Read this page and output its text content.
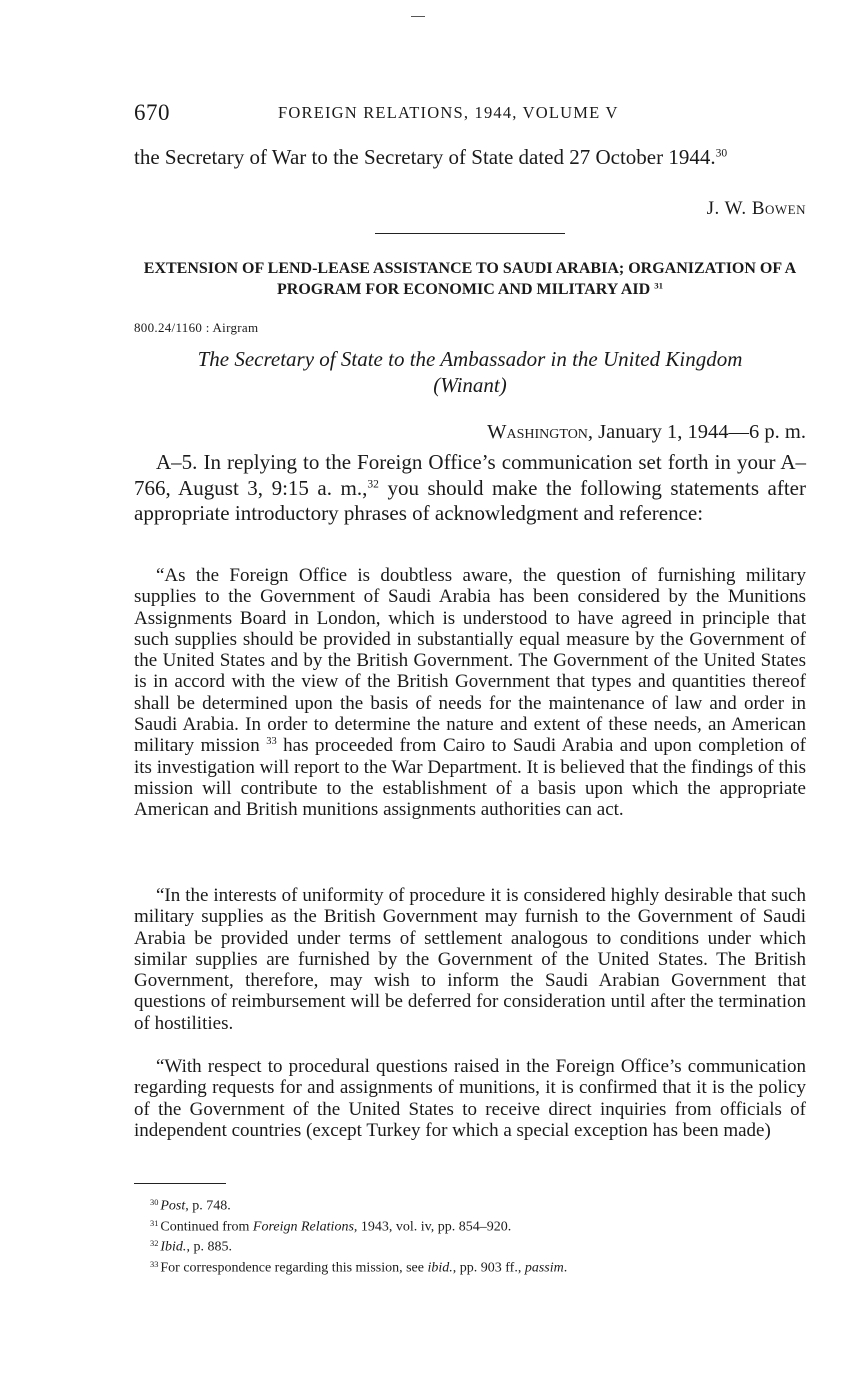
670	FOREIGN RELATIONS, 1944, VOLUME V

the Secretary of War to the Secretary of State dated 27 October 1944.30

J. W. Bowen
EXTENSION OF LEND-LEASE ASSISTANCE TO SAUDI ARABIA; ORGANIZATION OF A PROGRAM FOR ECONOMIC AND MILITARY AID $^{31}$
800.24/1160 : Airgram

The Secretary of State to the Ambassador in the United Kingdom
(Winant)

Washington, January 1, 1944—6 p. m.

A–5. In replying to the Foreign Office’s communication set forth in your A–766, August 3, 9:15 a. m.,$^{32}$ you should make the following statements after appropriate introductory phrases of acknowledgment and reference:

“As the Foreign Office is doubtless aware, the question of furnishing military supplies to the Government of Saudi Arabia has been considered by the Munitions Assignments Board in London, which is understood to have agreed in principle that such supplies should be provided in substantially equal measure by the Government of the United States and by the British Government. The Government of the United States is in accord with the view of the British Government that types and quantities thereof shall be determined upon the basis of needs for the maintenance of law and order in Saudi Arabia. In order to determine the nature and extent of these needs, an American military mission $^{33}$ has proceeded from Cairo to Saudi Arabia and upon completion of its investigation will report to the War Department. It is believed that the findings of this mission will contribute to the establishment of a basis upon which the appropriate American and British munitions assignments authorities can act.

“In the interests of uniformity of procedure it is considered highly desirable that such military supplies as the British Government may furnish to the Government of Saudi Arabia be provided under terms of settlement analogous to conditions under which similar supplies are furnished by the Government of the United States. The British Government, therefore, may wish to inform the Saudi Arabian Government that questions of reimbursement will be deferred for consideration until after the termination of hostilities.

“With respect to procedural questions raised in the Foreign Office’s communication regarding requests for and assignments of munitions, it is confirmed that it is the policy of the Government of the United States to receive direct inquiries from officials of independent countries (except Turkey for which a special exception has been made)

$^{30}$ Post, p. 748.

$^{31}$ Continued from Foreign Relations, 1943, vol. iv, pp. 854–920.

$^{32}$ Ibid., p. 885.

$^{33}$ For correspondence regarding this mission, see ibid., pp. 903 ff., passim.
